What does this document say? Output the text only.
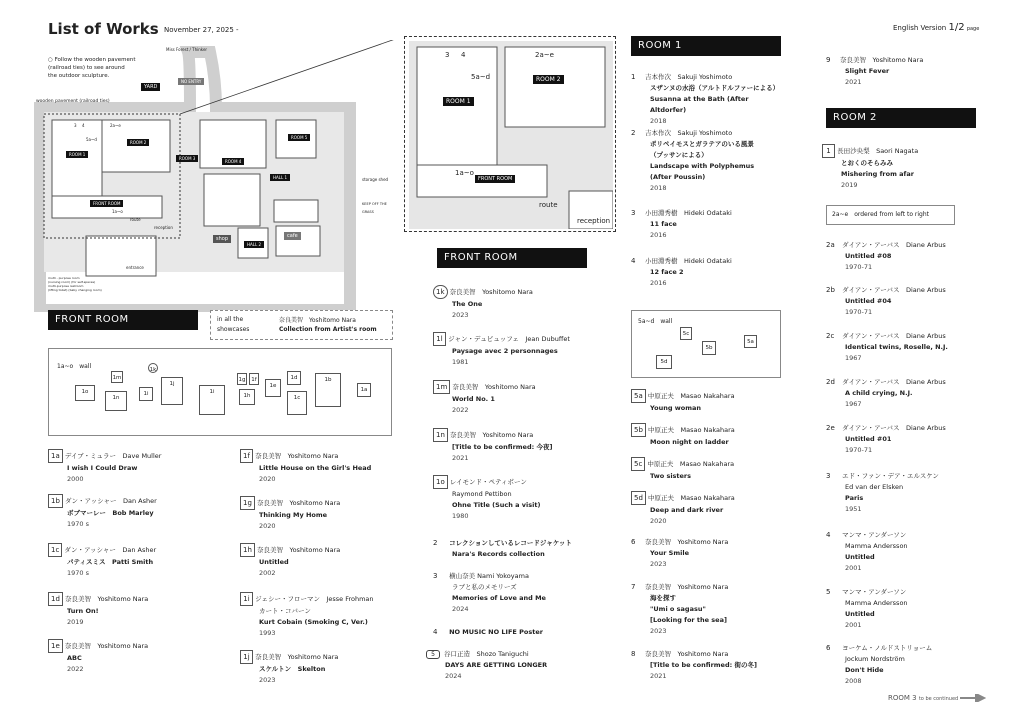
List of Works November 27, 2025 -	English Version 1/2 page
○ Follow the wooden pavement
(railroad ties) to see around
the outdoor sculpture.
YARD
Miss Forest / Thinker
NO ENTRY
wooden pavement (railroad ties)
storage shed
KEEP OFF THE GRASS
ROOM 1
ROOM 2
ROOM 3
ROOM 4
ROOM 5
HALL 1
HALL 2
FRONT ROOM
shop	cafe
route
reception
entrance
multi - purpose room
(nursing room) (for self-spaces)
multi-purpose restroom
(lifting toilet) (baby changing room)
3 4
5a~d
2a~e
1a~o
ROOM 1
ROOM 2
FRONT ROOM
route
reception
3 4	2a~e
5a~d
1a~o
ROOM 1
1 吉本作次　Sakuji Yoshimoto
スザンヌの水浴（アルトドルファーによる）
Susanna at the Bath (After Altdorfer)
2018
2 吉本作次　Sakuji Yoshimoto
ポリペイモスとガラテアのいる風景
（プッサンによる）
Landscape with Polyphemus
(After Poussin)
2018
3 小田淵秀樹　Hideki Odataki
11 face
2016
4 小田淵秀樹　Hideki Odataki
12 face 2
2016
5a~d　wall
5c
5b
5a
5d
5a 中原正夫　Masao Nakahara
Young woman
5b 中原正夫　Masao Nakahara
Moon night on ladder
5c 中原正夫　Masao Nakahara
Two sisters
5d 中原正夫　Masao Nakahara
Deep and dark river
2020
6 奈良美智　Yoshitomo Nara
Your Smile
2023
7 奈良美智　Yoshitomo Nara
海を探す
"Umi o sagasu"
[Looking for the sea]
2023
8 奈良美智　Yoshitomo Nara
[Title to be confirmed: 街の冬]
2021
9 奈良美智　Yoshitomo Nara
Slight Fever
2021
ROOM 2
1 長田沙央梨　Saori Nagata
とおくのそらみみ
Mishering from afar
2019
2a~e　ordered from left to right
2a ダイアン・アーバス　Diane Arbus
Untitled #08
1970-71
2b ダイアン・アーバス　Diane Arbus
Untitled #04
1970-71
2c ダイアン・アーバス　Diane Arbus
Identical twins, Roselle, N.J.
1967
2d ダイアン・アーバス　Diane Arbus
A child crying, N.J.
1967
2e ダイアン・アーバス　Diane Arbus
Untitled #01
1970-71
3 エド・ファン・デア・エルスケン
Ed van der Elsken
Paris
1951
4 マンマ・アンダーソン
Mamma Andersson
Untitled
2001
5 マンマ・アンダーソン
Mamma Andersson
Untitled
2001
6 ヨーケム・ノルドストリョーム
Jockum Nordström
Don't Hide
2008
FRONT ROOM	in all the
showcases
奈良美智　Yoshitomo Nara
Collection from Artist's room
1a~o　wall
1m
1k
1o
1n
1i
1j
1i
1g	1f
1h
1e
1d
1c
1b
1a
1a デイブ・ミュラー　Dave Muller
I wish I Could Draw
2000
1b ダン・アッシャー　Dan Asher
ボブマーレー　Bob Marley
1970 s
1c ダン・アッシャー　Dan Asher
パティスミス　Patti Smith
1970 s
1d 奈良美智　Yoshitomo Nara
Turn On!
2019
1e 奈良美智　Yoshitomo Nara
ABC
2022
1f 奈良美智　Yoshitomo Nara
Little House on the Girl's Head
2020
1g 奈良美智　Yoshitomo Nara
Thinking My Home
2020
1h 奈良美智　Yoshitomo Nara
Untitled
2002
1i ジェシー・フローマン　Jesse Frohman
カート・コバーン
Kurt Cobain (Smoking C, Ver.)
1993
1j 奈良美智　Yoshitomo Nara
スケルトン　Skelton
2023
FRONT ROOM
1k 奈良美智　Yoshitomo Nara
The One
2023
1l ジャン・デュビュッフェ　Jean Dubuffet
Paysage avec 2 personnages
1981
1m 奈良美智　Yoshitomo Nara
World No. 1
2022
1n 奈良美智　Yoshitomo Nara
[Title to be confirmed: 今夜]
2021
1o レイモンド・ペティボーン
Raymond Pettibon
Ohne Title (Such a visit)
1980
2 コレクションしているレコードジャケット
Nara's Records collection
3 横山奈美 Nami Yokoyama
ラブと私のメモリーズ
Memories of Love and Me
2024
4 NO MUSIC NO LIFE Poster
5 谷口正造　Shozo Taniguchi
DAYS ARE GETTING LONGER
2024
ROOM 3 to be continued
